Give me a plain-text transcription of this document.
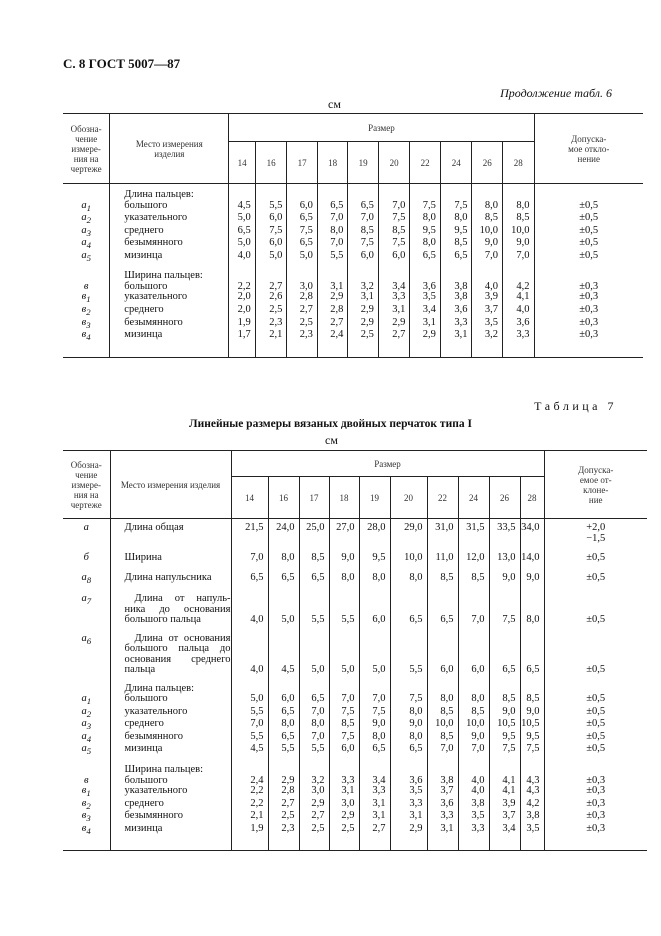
С. 8 ГОСТ 5007—87
Продолжение табл. 6
см
Обозна-
чение
измере-
ния на
чертеже	Место измерения
изделия	Размер										Допуска-
мое откло-
нение
		14	16	17	18	19	20	22	24	26	28	

	Длина пальцев:											
$a_1$	большого	4,5	5,5	6,0	6,5	6,5	7,0	7,5	7,5	8,0	8,0	±0,5
$a_2$	указательного	5,0	6,0	6,5	7,0	7,0	7,5	8,0	8,0	8,5	8,5	±0,5
$a_3$	среднего	6,5	7,5	7,5	8,0	8,5	8,5	9,5	9,5	10,0	10,0	±0,5
$a_4$	безымянного	5,0	6,0	6,5	7,0	7,5	7,5	8,0	8,5	9,0	9,0	±0,5
$a_5$	мизинца	4,0	5,0	5,0	5,5	6,0	6,0	6,5	6,5	7,0	7,0	±0,5

	Ширина пальцев:											
в	большого	2,2	2,7	3,0	3,1	3,2	3,4	3,6	3,8	4,0	4,2	±0,3
$в_1$	указательного	2,0	2,6	2,8	2,9	3,1	3,3	3,5	3,8	3,9	4,1	±0,3
$в_2$	среднего	2,0	2,5	2,7	2,8	2,9	3,1	3,4	3,6	3,7	4,0	±0,3
$в_3$	безымянного	1,9	2,3	2,5	2,7	2,9	2,9	3,1	3,3	3,5	3,6	±0,3
$в_4$	мизинца	1,7	2,1	2,3	2,4	2,5	2,7	2,9	3,1	3,2	3,3	±0,3

Таблица 7
Линейные размеры вязаных двойных перчаток типа I
см
Обозна-
чение
измере-
ния на
чертеже	Место измерения изделия	Размер										Допуска-
емое от-
клоне-
ние
		14	16	17	18	19	20	22	24	26	28	

а	Длина общая	21,5	24,0	25,0	27,0	28,0	29,0	31,0	31,5	33,5	34,0	+2,0
−1,5

б	Ширина	7,0	8,0	8,5	9,0	9,5	10,0	11,0	12,0	13,0	14,0	±0,5

$a_8$	Длина напульсника	6,5	6,5	6,5	8,0	8,0	8,0	8,5	8,5	9,0	9,0	±0,5

$a_7$	Длина от напуль-
ника до основания
большого пальца	4,0	5,0	5,5	5,5	6,0	6,5	6,5	7,0	7,5	8,0	±0,5

$a_6$	Длина от основания
большого пальца до
основания среднего
пальца	4,0	4,5	5,0	5,0	5,0	5,5	6,0	6,0	6,5	6,5	±0,5

	Длина пальцев:											
$a_1$	большого	5,0	6,0	6,5	7,0	7,0	7,5	8,0	8,0	8,5	8,5	±0,5
$a_2$	указательного	5,5	6,5	7,0	7,5	7,5	8,0	8,5	8,5	9,0	9,0	±0,5
$a_3$	среднего	7,0	8,0	8,0	8,5	9,0	9,0	10,0	10,0	10,5	10,5	±0,5
$a_4$	безымянного	5,5	6,5	7,0	7,5	8,0	8,0	8,5	9,0	9,5	9,5	±0,5
$a_5$	мизинца	4,5	5,5	5,5	6,0	6,5	6,5	7,0	7,0	7,5	7,5	±0,5

	Ширина пальцев:											
в	большого	2,4	2,9	3,2	3,3	3,4	3,6	3,8	4,0	4,1	4,3	±0,3
$в_1$	указательного	2,2	2,8	3,0	3,1	3,3	3,5	3,7	4,0	4,1	4,3	±0,3
$в_2$	среднего	2,2	2,7	2,9	3,0	3,1	3,3	3,6	3,8	3,9	4,2	±0,3
$в_3$	безымянного	2,1	2,5	2,7	2,9	3,1	3,1	3,3	3,5	3,7	3,8	±0,3
$в_4$	мизинца	1,9	2,3	2,5	2,5	2,7	2,9	3,1	3,3	3,4	3,5	±0,3
